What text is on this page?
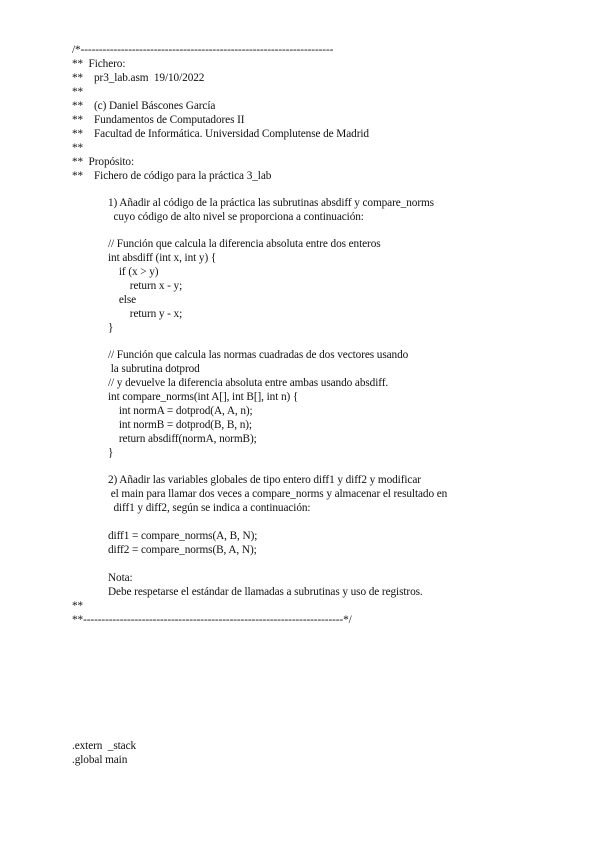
/*---------------------------------------------------------------------
**  Fichero:
**    pr3_lab.asm  19/10/2022
**
**    (c) Daniel Báscones García
**    Fundamentos de Computadores II
**    Facultad de Informática. Universidad Complutense de Madrid
**
**  Propósito:
**    Fichero de código para la práctica 3_lab
1) Añadir al código de la práctica las subrutinas absdiff y compare_norms
cuyo código de alto nivel se proporciona a continuación:
// Función que calcula la diferencia absoluta entre dos enteros
int absdiff (int x, int y) {
if (x > y)
return x - y;
else
return y - x;
}
// Función que calcula las normas cuadradas de dos vectores usando
la subrutina dotprod
// y devuelve la diferencia absoluta entre ambas usando absdiff.
int compare_norms(int A[], int B[], int n) {
int normA = dotprod(A, A, n);
int normB = dotprod(B, B, n);
return absdiff(normA, normB);
}
2) Añadir las variables globales de tipo entero diff1 y diff2 y modificar
el main para llamar dos veces a compare_norms y almacenar el resultado en
diff1 y diff2, según se indica a continuación:
diff1 = compare_norms(A, B, N);
diff2 = compare_norms(B, A, N);
Nota:
Debe respetarse el estándar de llamadas a subrutinas y uso de registros.
**
**-----------------------------------------------------------------------*/
.extern  _stack
.global main
